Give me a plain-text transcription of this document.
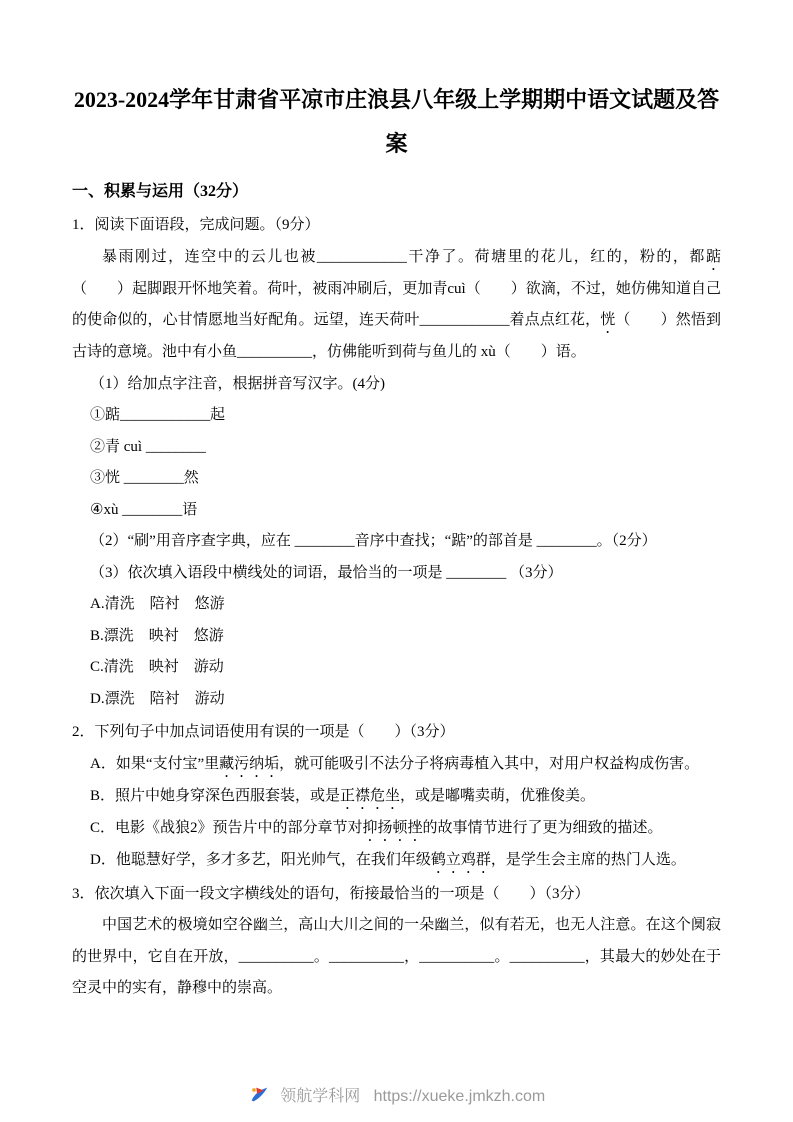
2023-2024学年甘肃省平凉市庄浪县八年级上学期期中语文试题及答案
一、积累与运用（32分）
1．阅读下面语段，完成问题。（9分）
暴雨刚过，连空中的云儿也被____________干净了。荷塘里的花儿，红的，粉的，都踮（　　）起脚跟开怀地笑着。荷叶，被雨冲刷后，更加青cuì（　　）欲滴，不过，她仿佛知道自己的使命似的，心甘情愿地当好配角。远望，连天荷叶____________着点点红花，恍（　　）然悟到古诗的意境。池中有小鱼__________，仿佛能听到荷与鱼儿的 xù（　　）语。
（1）给加点字注音，根据拼音写汉字。(4分)
①踮____________起
②青 cuì ________
③恍 ________然
④xù ________语
（2）“刷”用音序查字典，应在 ________音序中查找；“踮”的部首是 ________。（2分）
（3）依次填入语段中横线处的词语，最恰当的一项是 ________ （3分）
A.清洗　陪衬　悠游
B.漂洗　映衬　悠游
C.清洗　映衬　游动
D.漂洗　陪衬　游动
2．下列句子中加点词语使用有误的一项是（　　）（3分）
A．如果“支付宝”里藏污纳垢，就可能吸引不法分子将病毒植入其中，对用户权益构成伤害。
B．照片中她身穿深色西服套装，或是正襟危坐，或是嘟嘴卖萌，优雅俊美。
C．电影《战狼2》预告片中的部分章节对抑扬顿挫的故事情节进行了更为细致的描述。
D．他聪慧好学，多才多艺，阳光帅气，在我们年级鹤立鸡群，是学生会主席的热门人选。
3．依次填入下面一段文字横线处的语句，衔接最恰当的一项是（　　）（3分）
中国艺术的极境如空谷幽兰，高山大川之间的一朵幽兰，似有若无，也无人注意。在这个阒寂的世界中，它自在开放，__________。__________，__________。__________，其最大的妙处在于空灵中的实有，静穆中的崇高。
领航学科网 https://xueke.jmkzh.com
